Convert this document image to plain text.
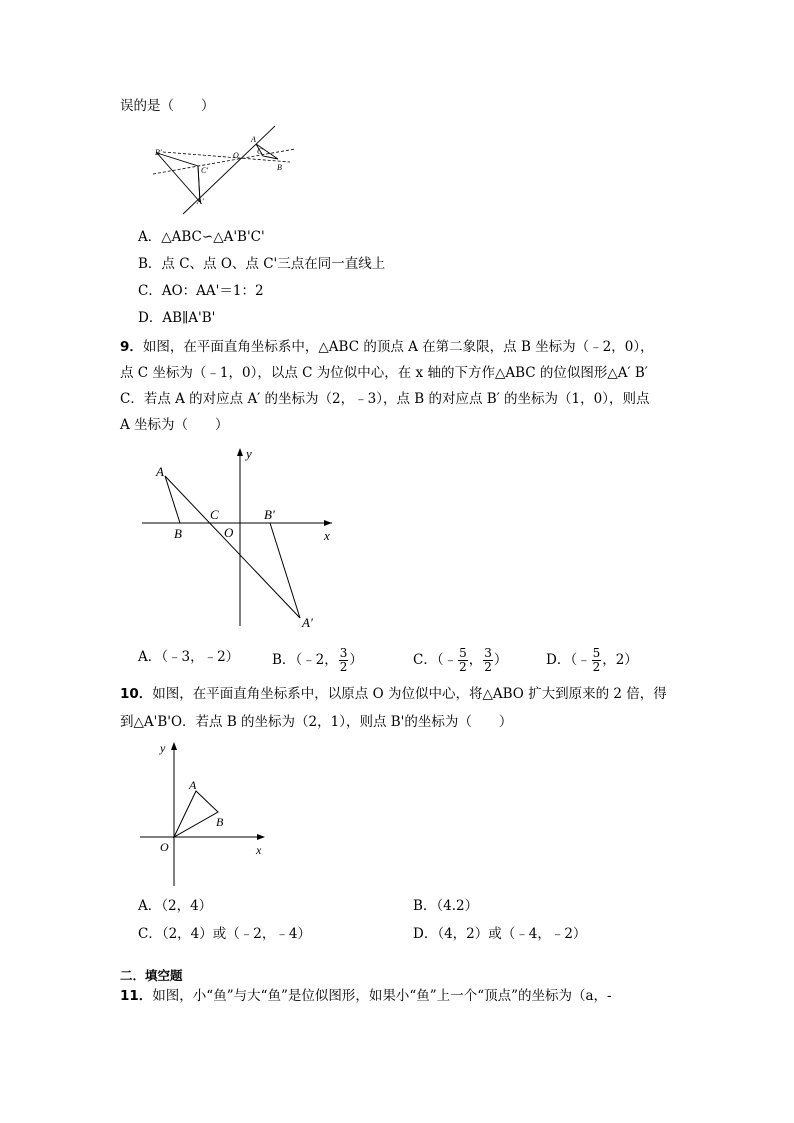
误的是（　　）
B'	O
A
C
B
C'
A'
A．△ABC∽△A'B'C'
B．点 C、点 O、点 C'三点在同一直线上
C．AO：AA'＝1：2
D．AB∥A'B'
9．如图，在平面直角坐标系中，△ABC 的顶点 A 在第二象限，点 B 坐标为（﹣2，0），
点 C 坐标为（﹣1，0），以点 C 为位似中心，在 x 轴的下方作△ABC 的位似图形△A′ B′
C．若点 A 的对应点 A′ 的坐标为（2，﹣3），点 B 的对应点 B′ 的坐标为（1，0），则点
A 坐标为（　　）
y
x
A
B
C
O
B′
A′
A．（﹣3，﹣2） B．（﹣2， $\frac{3}{2}$ ）	C．（﹣ $\frac{5}{2}$ ， $\frac{3}{2}$ ）	D．（﹣ $\frac{5}{2}$ ，2）
10．如图，在平面直角坐标系中，以原点 O 为位似中心，将△ABO 扩大到原来的 2 倍，得
到△A'B'O．若点 B 的坐标为（2，1），则点 B'的坐标为（　　）
y
x
A
B
O
A．（2，4）	B．（4.2）
C．（2，4）或（﹣2，﹣4）	D．（4，2）或（﹣4，﹣2）
二．填空题
11．如图，小“鱼”与大“鱼”是位似图形，如果小“鱼”上一个“顶点”的坐标为（a，-
